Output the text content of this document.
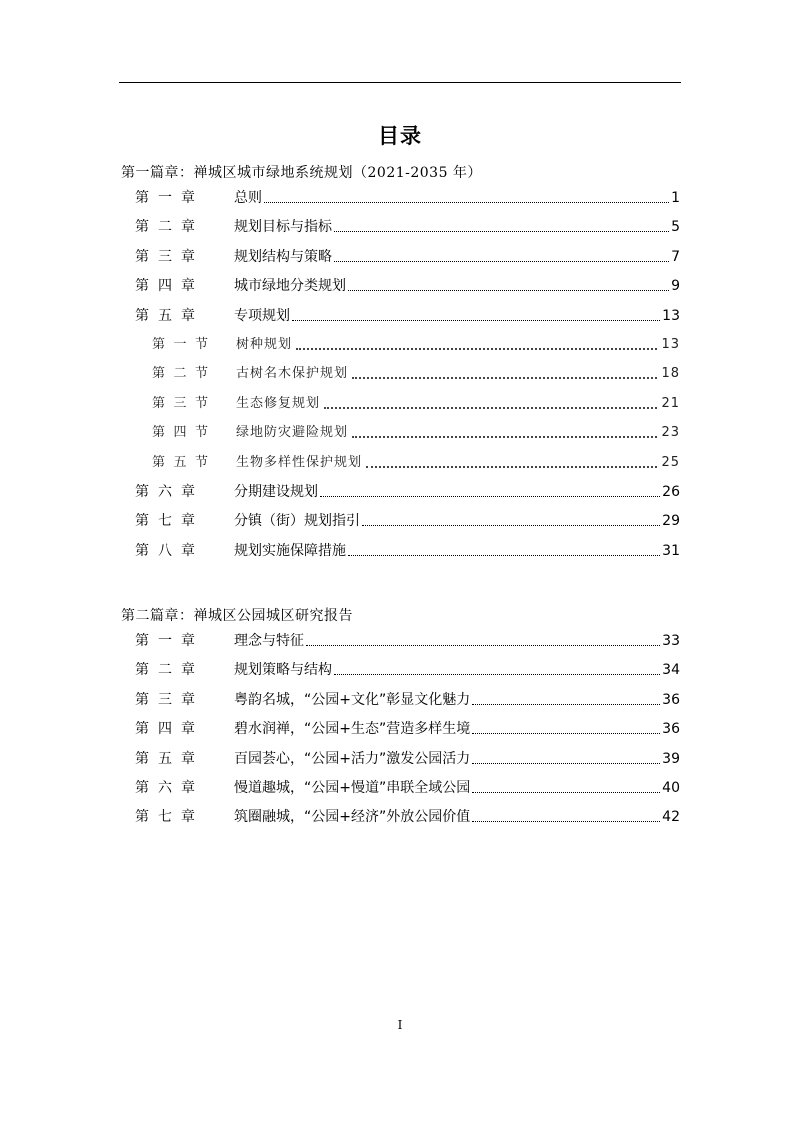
目录
第一篇章：禅城区城市绿地系统规划（2021-2035 年）
第 一 章	总则	1
第 二 章	规划目标与指标	5
第 三 章	规划结构与策略	7
第 四 章	城市绿地分类规划	9
第 五 章	专项规划	13
第 一 节 树种规划	13
第 二 节 古树名木保护规划	18
第 三 节 生态修复规划	21
第 四 节 绿地防灾避险规划	23
第 五 节 生物多样性保护规划	25
第 六 章	分期建设规划	26
第 七 章	分镇（街）规划指引	29
第 八 章	规划实施保障措施	31
第二篇章：禅城区公园城区研究报告
第 一 章	理念与特征	33
第 二 章	规划策略与结构	34
第 三 章	粤韵名城，“公园+文化”彰显文化魅力	36
第 四 章	碧水润禅，“公园+生态”营造多样生境	36
第 五 章	百园荟心，“公园+活力”激发公园活力	39
第 六 章	慢道趣城，“公园+慢道”串联全域公园	40
第 七 章	筑圈融城，“公园+经济”外放公园价值	42
I
